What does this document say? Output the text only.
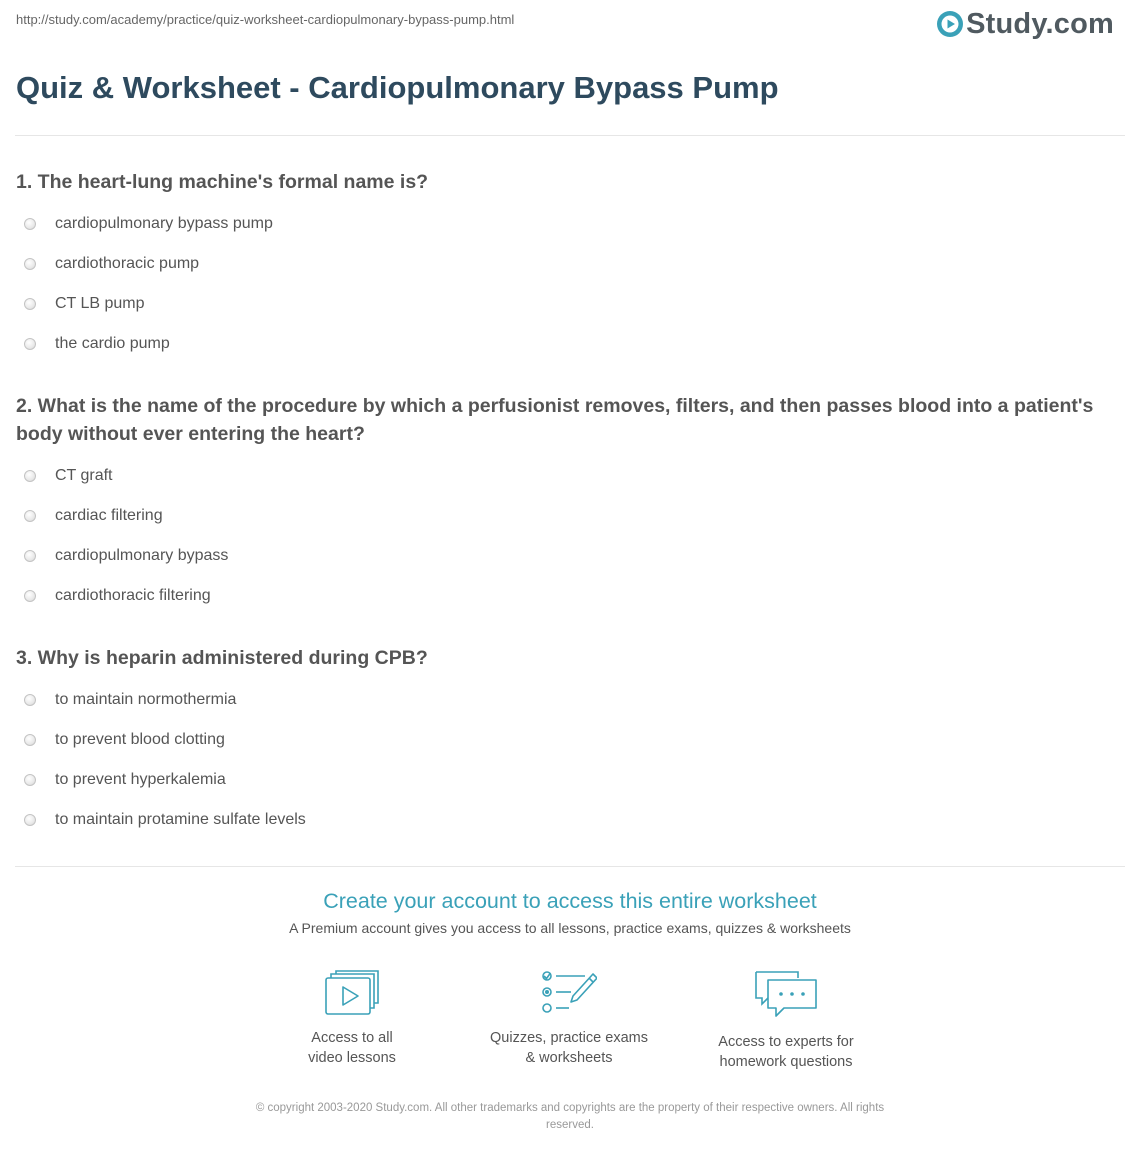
http://study.com/academy/practice/quiz-worksheet-cardiopulmonary-bypass-pump.html	Study.com
Quiz & Worksheet - Cardiopulmonary Bypass Pump

1. The heart-lung machine's formal name is?

cardiopulmonary bypass pump
cardiothoracic pump
CT LB pump
the cardio pump

2. What is the name of the procedure by which a perfusionist removes, filters, and then passes blood into a patient's body without ever entering the heart?

CT graft
cardiac filtering
cardiopulmonary bypass
cardiothoracic filtering

3. Why is heparin administered during CPB?

to maintain normothermia
to prevent blood clotting
to prevent hyperkalemia
to maintain protamine sulfate levels
Create your account to access this entire worksheet
A Premium account gives you access to all lessons, practice exams, quizzes & worksheets
Access to all
video lessons
Quizzes, practice exams
& worksheets
Access to experts for
homework questions
© copyright 2003-2020 Study.com. All other trademarks and copyrights are the property of their respective owners. All rights
reserved.
